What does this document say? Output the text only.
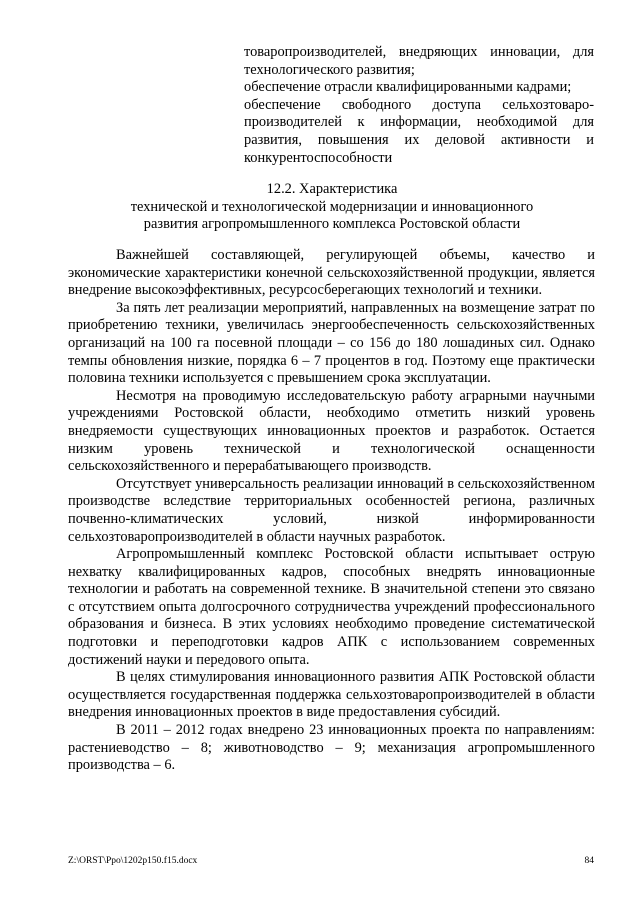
товаропроизводителей, внедряющих инновации, для технологического развития;

обеспечение отрасли квалифицированными кадрами;

обеспечение свободного доступа сельхозтоваро-производителей к информации, необходимой для развития, повышения их деловой активности и конкурентоспособности

12.2. Характеристика
технической и технологической модернизации и инновационного
развития агропромышленного комплекса Ростовской области

Важнейшей составляющей, регулирующей объемы, качество и экономические характеристики конечной сельскохозяйственной продукции, является внедрение высокоэффективных, ресурсосберегающих технологий и техники.

За пять лет реализации мероприятий, направленных на возмещение затрат по приобретению техники, увеличилась энергообеспеченность сельскохозяйственных организаций на 100 га посевной площади – со 156 до 180 лошадиных сил. Однако темпы обновления низкие, порядка 6 – 7 процентов в год. Поэтому еще практически половина техники используется с превышением срока эксплуатации.

Несмотря на проводимую исследовательскую работу аграрными научными учреждениями Ростовской области, необходимо отметить низкий уровень внедряемости существующих инновационных проектов и разработок. Остается низким уровень технической и технологической оснащенности сельскохозяйственного и перерабатывающего производств.

Отсутствует универсальность реализации инноваций в сельскохозяйственном производстве вследствие территориальных особенностей региона, различных почвенно-климатических условий, низкой информированности сельхозтоваропроизводителей в области научных разработок.

Агропромышленный комплекс Ростовской области испытывает острую нехватку квалифицированных кадров, способных внедрять инновационные технологии и работать на современной технике. В значительной степени это связано с отсутствием опыта долгосрочного сотрудничества учреждений профессионального образования и бизнеса. В этих условиях необходимо проведение систематической подготовки и переподготовки кадров АПК с использованием современных достижений науки и передового опыта.

В целях стимулирования инновационного развития АПК Ростовской области осуществляется государственная поддержка сельхозтоваропроизводителей в области внедрения инновационных проектов в виде предоставления субсидий.

В 2011 – 2012 годах внедрено 23 инновационных проекта по направлениям: растениеводство – 8; животноводство – 9; механизация агропромышленного производства – 6.

Z:\ORST\Ppo\1202p150.f15.docx	84
